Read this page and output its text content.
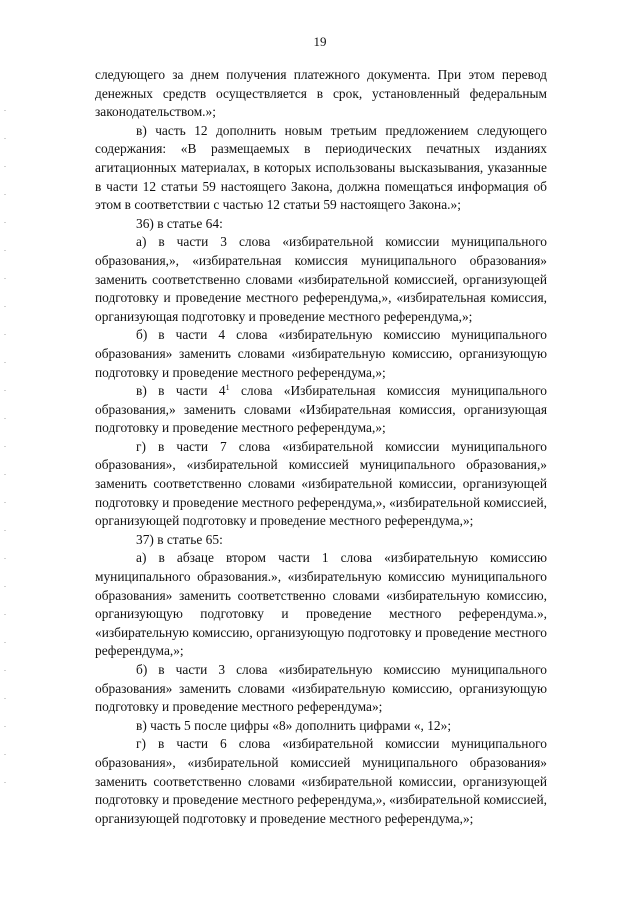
19

следующего за днем получения платежного документа. При этом перевод денежных средств осуществляется в срок, установленный федеральным законодательством.»;

в) часть 12 дополнить новым третьим предложением следующего содержания: «В размещаемых в периодических печатных изданиях агитационных материалах, в которых использованы высказывания, указанные в части 12 статьи 59 настоящего Закона, должна помещаться информация об этом в соответствии с частью 12 статьи 59 настоящего Закона.»;

36) в статье 64:

а) в части 3 слова «избирательной комиссии муниципального образования,», «избирательная комиссия муниципального образования» заменить соответственно словами «избирательной комиссией, организующей подготовку и проведение местного референдума,», «избирательная комиссия, организующая подготовку и проведение местного референдума,»;

б) в части 4 слова «избирательную комиссию муниципального образования» заменить словами «избирательную комиссию, организующую подготовку и проведение местного референдума,»;

в) в части $4^1$ слова «Избирательная комиссия муниципального образования,» заменить словами «Избирательная комиссия, организующая подготовку и проведение местного референдума,»;

г) в части 7 слова «избирательной комиссии муниципального образования», «избирательной комиссией муниципального образования,» заменить соответственно словами «избирательной комиссии, организующей подготовку и проведение местного референдума,», «избирательной комиссией, организующей подготовку и проведение местного референдума,»;

37) в статье 65:

а) в абзаце втором части 1 слова «избирательную комиссию муниципального образования.», «избирательную комиссию муниципального образования» заменить соответственно словами «избирательную комиссию, организующую подготовку и проведение местного референдума.», «избирательную комиссию, организующую подготовку и проведение местного референдума,»;

б) в части 3 слова «избирательную комиссию муниципального образования» заменить словами «избирательную комиссию, организующую подготовку и проведение местного референдума»;

в) часть 5 после цифры «8» дополнить цифрами «, 12»;

г) в части 6 слова «избирательной комиссии муниципального образования», «избирательной комиссией муниципального образования» заменить соответственно словами «избирательной комиссии, организующей подготовку и проведение местного референдума,», «избирательной комиссией, организующей подготовку и проведение местного референдума,»;
